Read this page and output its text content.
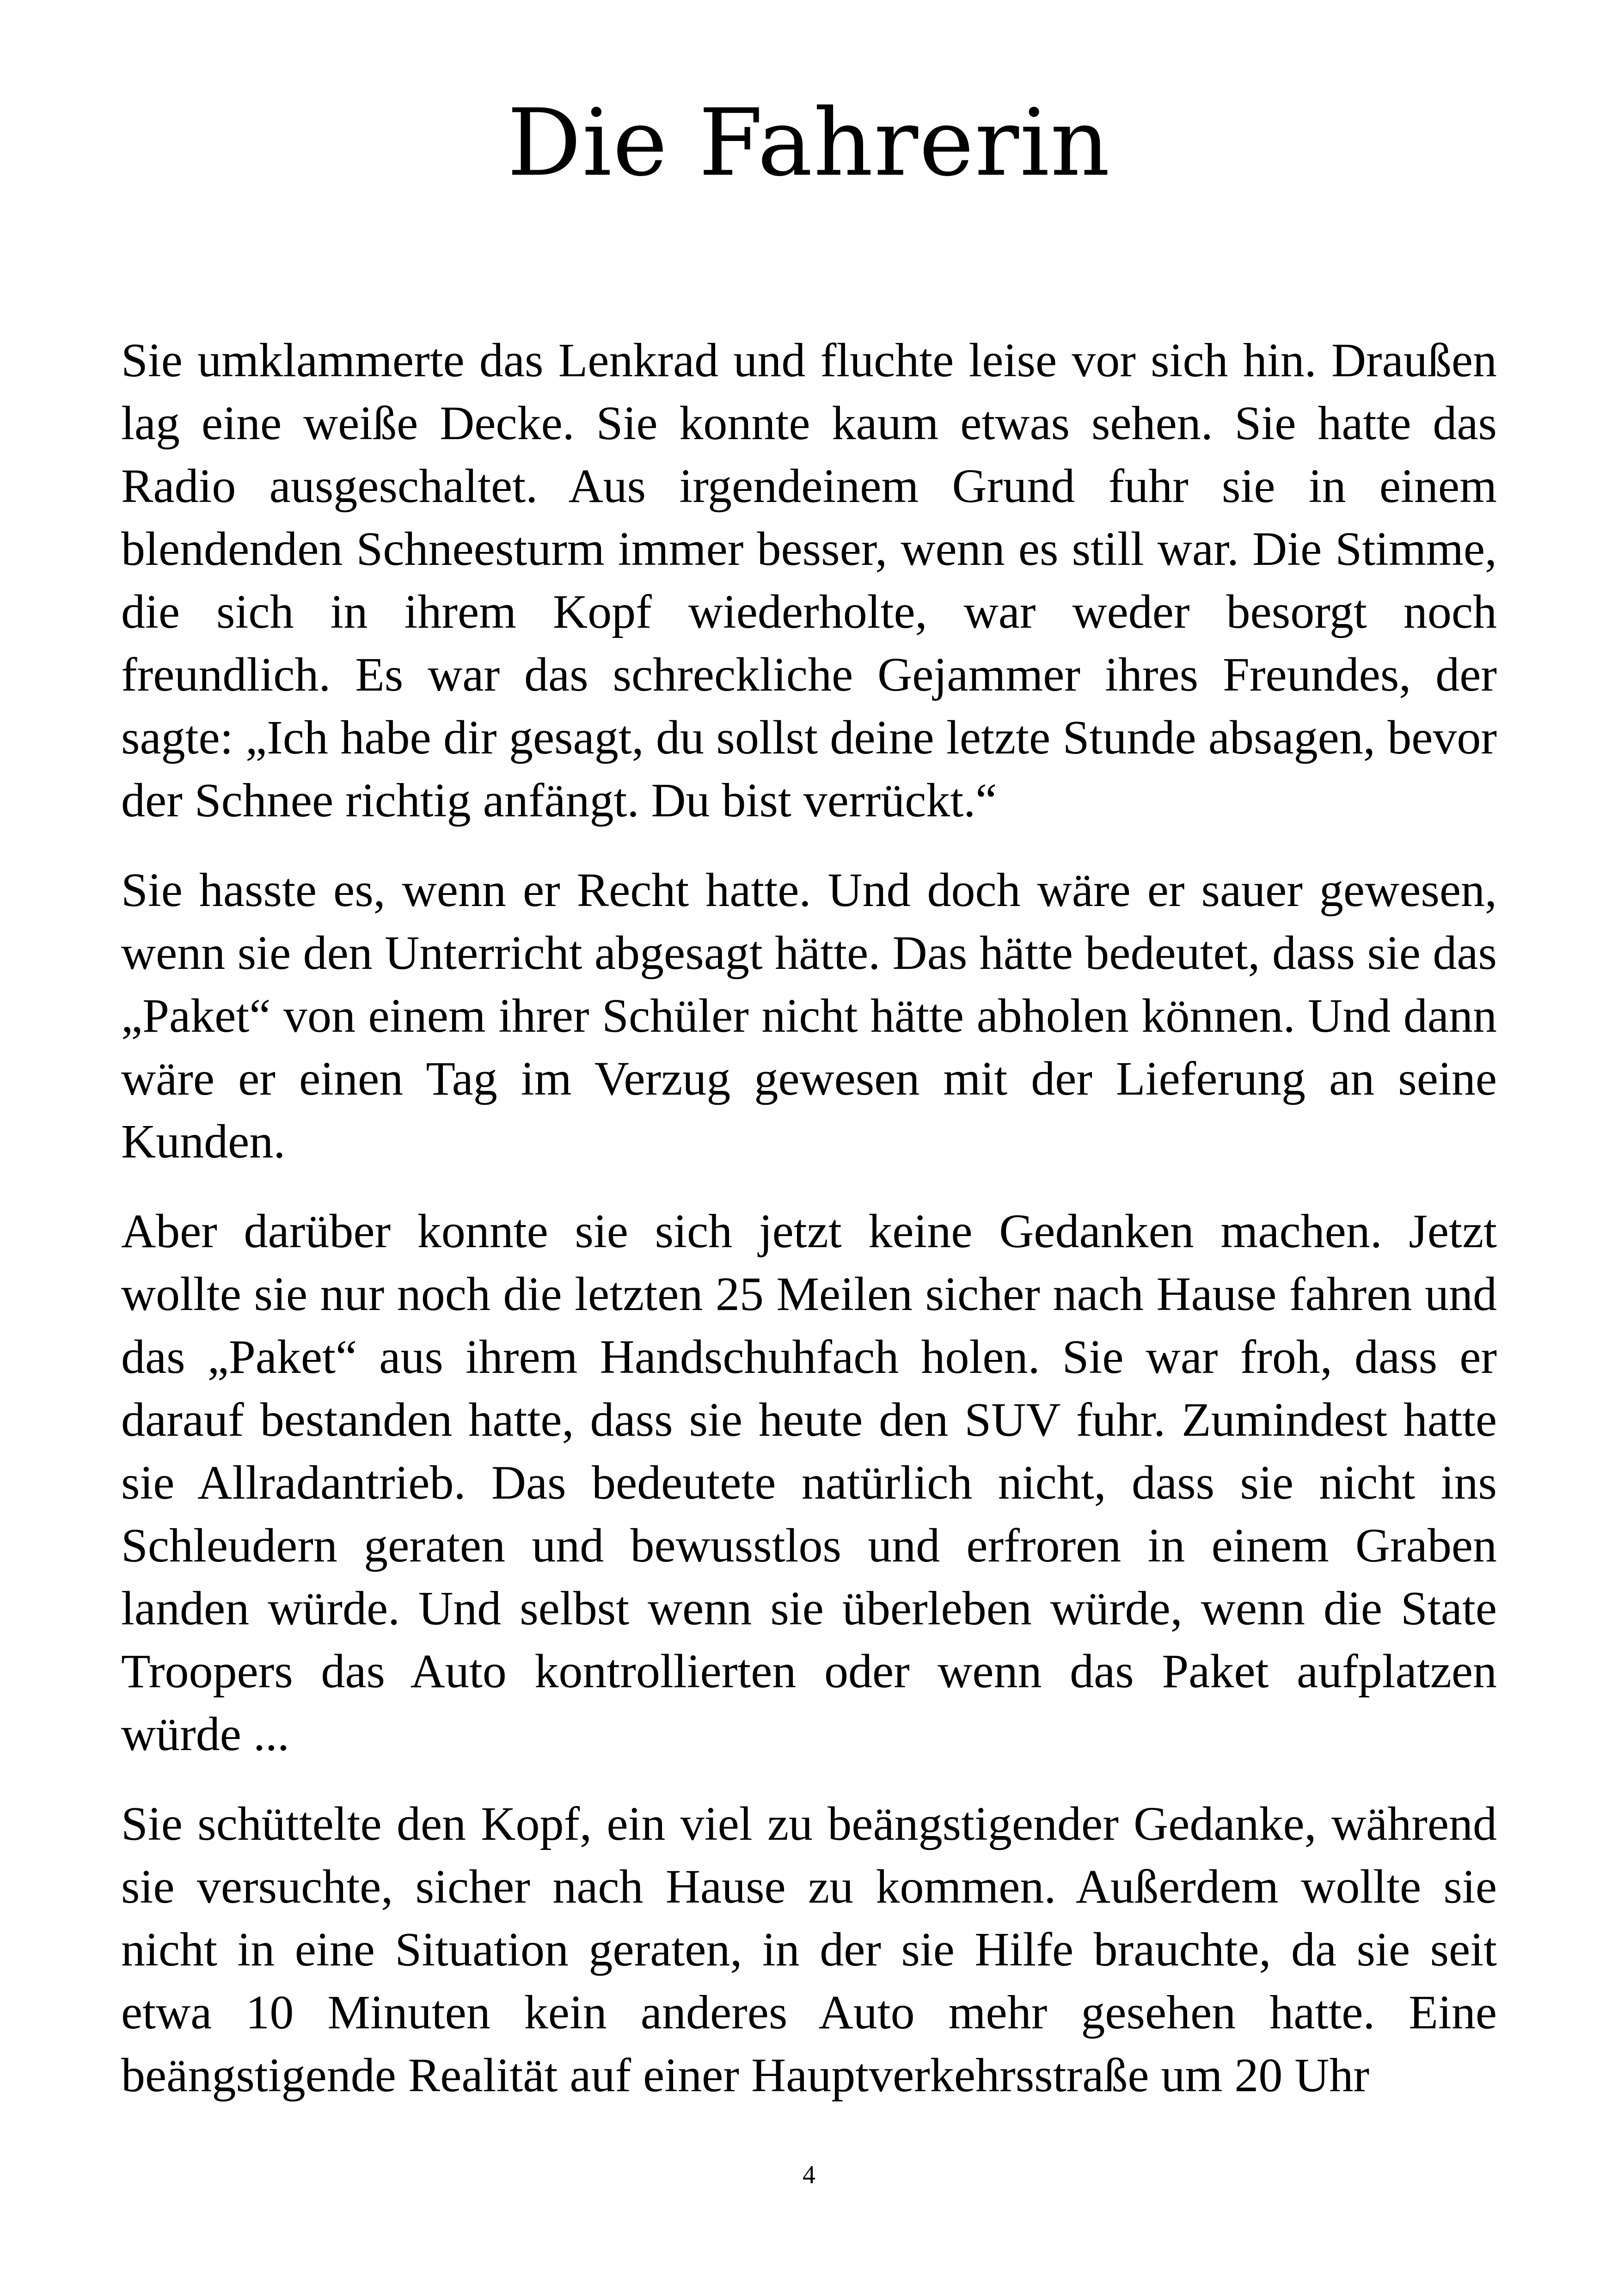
Die Fahrerin

Sie umklammerte das Lenkrad und fluchte leise vor sich hin. Draußen lag eine weiße Decke. Sie konnte kaum etwas sehen. Sie hatte das Radio ausgeschaltet. Aus irgendeinem Grund fuhr sie in einem blendenden Schneesturm immer besser, wenn es still war. Die Stimme, die sich in ihrem Kopf wiederholte, war weder besorgt noch freundlich. Es war das schreckliche Gejammer ihres Freundes, der sagte: „Ich habe dir gesagt, du sollst deine letzte Stunde absagen, bevor der Schnee richtig anfängt. Du bist verrückt.“

Sie hasste es, wenn er Recht hatte. Und doch wäre er sauer gewesen, wenn sie den Unterricht abgesagt hätte. Das hätte bedeutet, dass sie das „Paket“ von einem ihrer Schüler nicht hätte abholen können. Und dann wäre er einen Tag im Verzug gewesen mit der Lieferung an seine Kunden.

Aber darüber konnte sie sich jetzt keine Gedanken machen. Jetzt wollte sie nur noch die letzten 25 Meilen sicher nach Hause fahren und das „Paket“ aus ihrem Handschuhfach holen. Sie war froh, dass er darauf bestanden hatte, dass sie heute den SUV fuhr. Zumindest hatte sie Allradantrieb. Das bedeutete natürlich nicht, dass sie nicht ins Schleudern geraten und bewusstlos und erfroren in einem Graben landen würde. Und selbst wenn sie überleben würde, wenn die State Troopers das Auto kontrollierten oder wenn das Paket aufplatzen würde ...

Sie schüttelte den Kopf, ein viel zu beängstigender Gedanke, während sie versuchte, sicher nach Hause zu kommen. Außerdem wollte sie nicht in eine Situation geraten, in der sie Hilfe brauchte, da sie seit etwa 10 Minuten kein anderes Auto mehr gesehen hatte. Eine beängstigende Realität auf einer Hauptverkehrsstraße um 20 Uhr

4
